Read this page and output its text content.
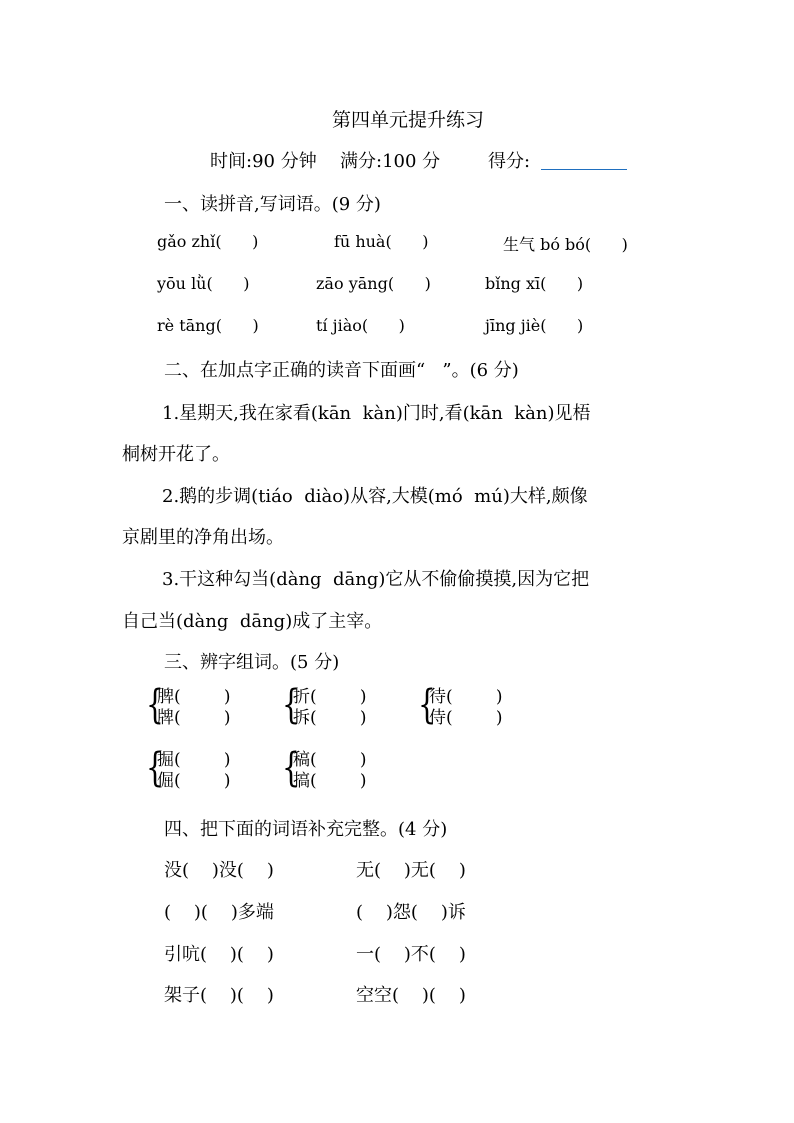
第四单元提升练习
时间:90 分钟 满分:100 分	得分:
一、读拼音,写词语。(9 分)
gǎo zhǐ(      )	fū huà(      )	生气 bó bó(      )
yōu lǜ(      )	zāo yāng(      )	bǐng xī(      )
rè tāng(      )	tí jiào(      )	jīng jiè(      )
二、在加点字正确的读音下面画“   ”。(6 分)
1.星期天,我在家看(kān  kàn)门时,看(kān  kàn)见梧
桐树开花了。
2.鹅的步调(tiáo  diào)从容,大模(mó  mú)大样,颇像
京剧里的净角出场。
3.干这种勾当(dàng  dāng)它从不偷偷摸摸,因为它把
自己当(dàng  dāng)成了主宰。
三、辨字组词。(5 分)
{
脾(        )
牌(        ) {
折(        )
拆(        ) {
待(        )
侍(        )
{
掘(        )
倔(        ) {
稿(        )
搞(        )
四、把下面的词语补充完整。(4 分)
没(    )没(    )	无(    )无(    )
(    )(    )多端	(    )怨(    )诉
引吭(    )(    )	一(    )不(    )
架子(    )(    )	空空(    )(    )
